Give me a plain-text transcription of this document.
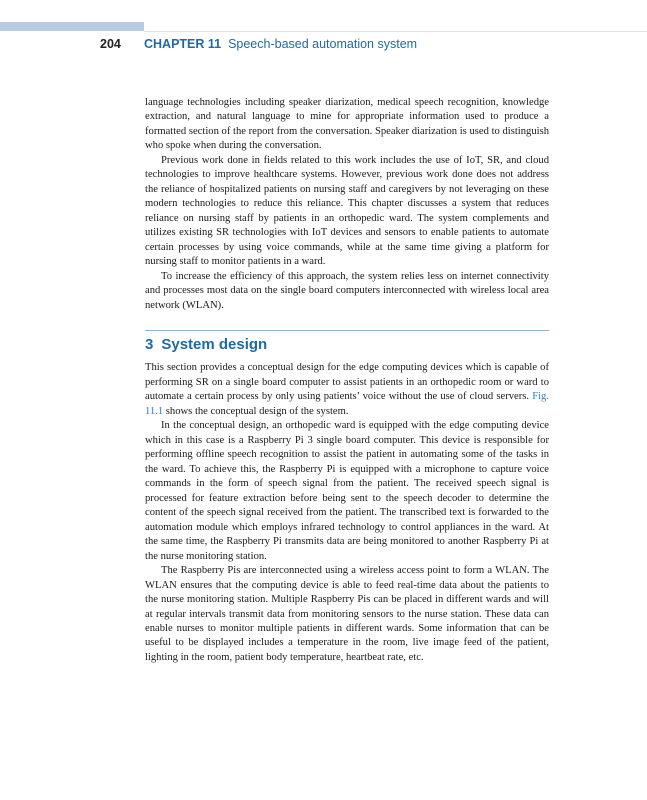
204 CHAPTER 11 Speech-based automation system

language technologies including speaker diarization, medical speech recognition, knowledge extraction, and natural language to mine for appropriate information used to produce a formatted section of the report from the conversation. Speaker diarization is used to distinguish who spoke when during the conversation.

Previous work done in fields related to this work includes the use of IoT, SR, and cloud technologies to improve healthcare systems. However, previous work done does not address the reliance of hospitalized patients on nursing staff and caregivers by not leveraging on these modern technologies to reduce this reliance. This chapter discusses a system that reduces reliance on nursing staff by patients in an orthopedic ward. The system complements and utilizes existing SR technologies with IoT devices and sensors to enable patients to automate certain processes by using voice commands, while at the same time giving a platform for nursing staff to monitor patients in a ward.

To increase the efficiency of this approach, the system relies less on internet connectivity and processes most data on the single board computers interconnected with wireless local area network (WLAN).

3 System design

This section provides a conceptual design for the edge computing devices which is capable of performing SR on a single board computer to assist patients in an orthopedic room or ward to automate a certain process by only using patients’ voice without the use of cloud servers. Fig. 11.1 shows the conceptual design of the system.

In the conceptual design, an orthopedic ward is equipped with the edge computing device which in this case is a Raspberry Pi 3 single board computer. This device is responsible for performing offline speech recognition to assist the patient in automating some of the tasks in the ward. To achieve this, the Raspberry Pi is equipped with a microphone to capture voice commands in the form of speech signal from the patient. The received speech signal is processed for feature extraction before being sent to the speech decoder to determine the content of the speech signal received from the patient. The transcribed text is forwarded to the automation module which employs infrared technology to control appliances in the ward. At the same time, the Raspberry Pi transmits data are being monitored to another Raspberry Pi at the nurse monitoring station.

The Raspberry Pis are interconnected using a wireless access point to form a WLAN. The WLAN ensures that the computing device is able to feed real-time data about the patients to the nurse monitoring station. Multiple Raspberry Pis can be placed in different wards and will at regular intervals transmit data from monitoring sensors to the nurse station. These data can enable nurses to monitor multiple patients in different wards. Some information that can be useful to be displayed includes a temperature in the room, live image feed of the patient, lighting in the room, patient body temperature, heartbeat rate, etc.
